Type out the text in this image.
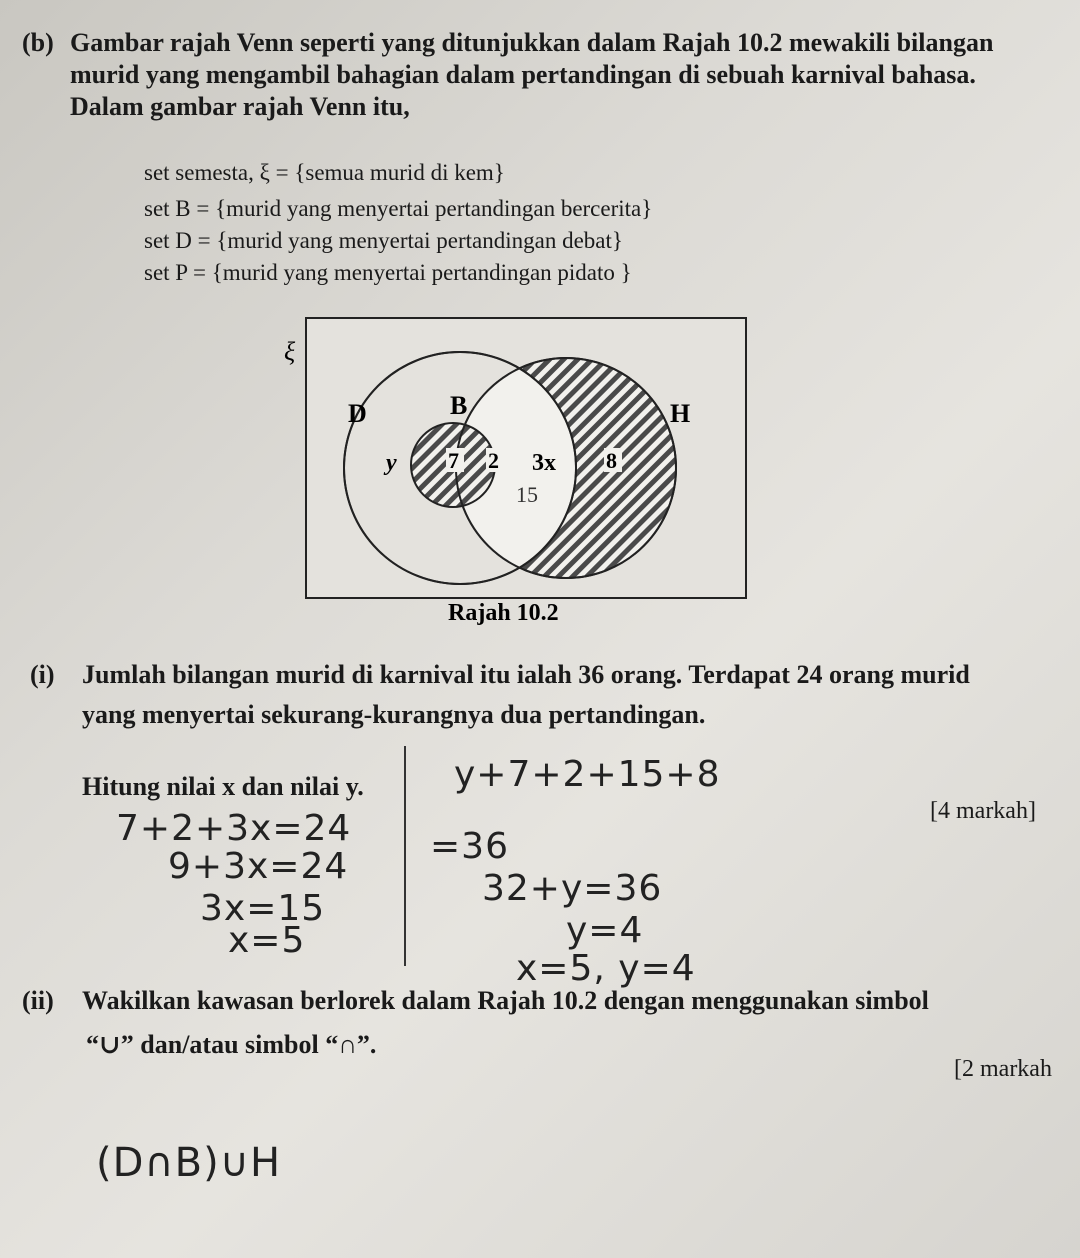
(b) Gambar rajah Venn seperti yang ditunjukkan dalam Rajah 10.2 mewakili bilangan
murid yang mengambil bahagian dalam pertandingan di sebuah karnival bahasa.
Dalam gambar rajah Venn itu,
set semesta, ξ = {semua murid di kem}
set B = {murid yang menyertai pertandingan bercerita}
set D = {murid yang menyertai pertandingan debat}
set P = {murid yang menyertai pertandingan pidato }
ξ
D	B	H
y 7 2 3x 8
15
Rajah 10.2
(i) Jumlah bilangan murid di karnival itu ialah 36 orang. Terdapat 24 orang murid
yang menyertai sekurang-kurangnya dua pertandingan.
Hitung nilai x dan nilai y.
[4 markah]
7+2+3x=24
9+3x=24
3x=15
x=5
y+7+2+15+8
=36
32+y=36
y=4
x=5, y=4
(ii) Wakilkan kawasan berlorek dalam Rajah 10.2 dengan menggunakan simbol
“∪” dan/atau simbol “∩”.
[2 markah
(D∩B)∪H
